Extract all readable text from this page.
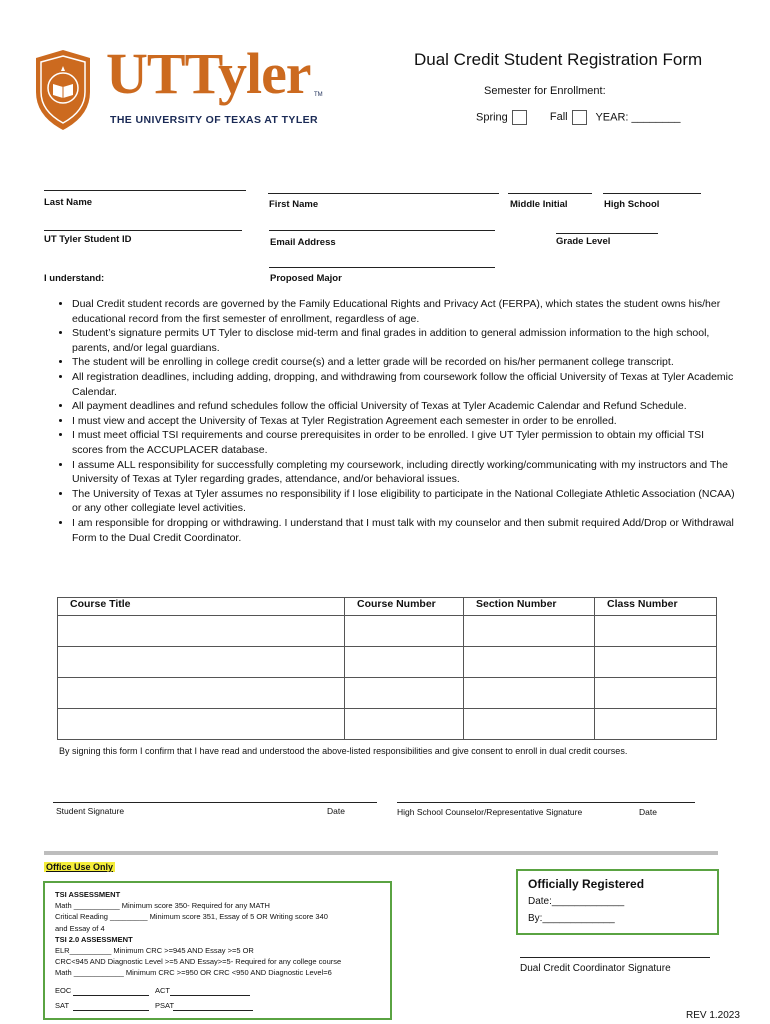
UTTyler TM
THE UNIVERSITY OF TEXAS AT TYLER
Dual Credit Student Registration Form
Semester for Enrollment:
Spring	Fall	YEAR: ________
Last Name	First Name	Middle Initial	High School
UT Tyler Student ID	Email Address	Grade Level
I understand:	Proposed Major
• Dual Credit student records are governed by the Family Educational Rights and Privacy Act (FERPA), which states the student owns his/her educational record from the first semester of enrollment, regardless of age.
• Student’s signature permits UT Tyler to disclose mid-term and final grades in addition to general admission information to the high school, parents, and/or legal guardians.
• The student will be enrolling in college credit course(s) and a letter grade will be recorded on his/her permanent college transcript.
• All registration deadlines, including adding, dropping, and withdrawing from coursework follow the official University of Texas at Tyler Academic Calendar.
• All payment deadlines and refund schedules follow the official University of Texas at Tyler Academic Calendar and Refund Schedule.
• I must view and accept the University of Texas at Tyler Registration Agreement each semester in order to be enrolled.
• I must meet official TSI requirements and course prerequisites in order to be enrolled. I give UT Tyler permission to obtain my official TSI scores from the ACCUPLACER database.
• I assume ALL responsibility for successfully completing my coursework, including directly working/communicating with my instructors and The University of Texas at Tyler regarding grades, attendance, and/or behavioral issues.
• The University of Texas at Tyler assumes no responsibility if I lose eligibility to participate in the National Collegiate Athletic Association (NCAA) or any other collegiate level activities.
• I am responsible for dropping or withdrawing. I understand that I must talk with my counselor and then submit required Add/Drop or Withdrawal Form to the Dual Credit Coordinator.
Course Title	Course Number	Section Number	Class Number

By signing this form I confirm that I have read and understood the above-listed responsibilities and give consent to enroll in dual credit courses.
Student Signature	Date	High School Counselor/Representative Signature	Date
Office Use Only
TSI ASSESSMENT
Math ___________ Minimum score 350- Required for any MATH
Critical Reading _________ Minimum score 351, Essay of 5 OR Writing score 340
and Essay of 4
TSI 2.0 ASSESSMENT
ELR__________ Minimum CRC >=945 AND Essay >=5 OR
CRC<945 AND Diagnostic Level >=5 AND Essay>=5- Required for any college course
Math ____________ Minimum CRC >=950 OR CRC <950 AND Diagnostic Level=6
EOC	ACT
SAT	PSAT
Officially Registered
Date:_____________
By:_____________
Dual Credit Coordinator Signature
REV 1.2023
